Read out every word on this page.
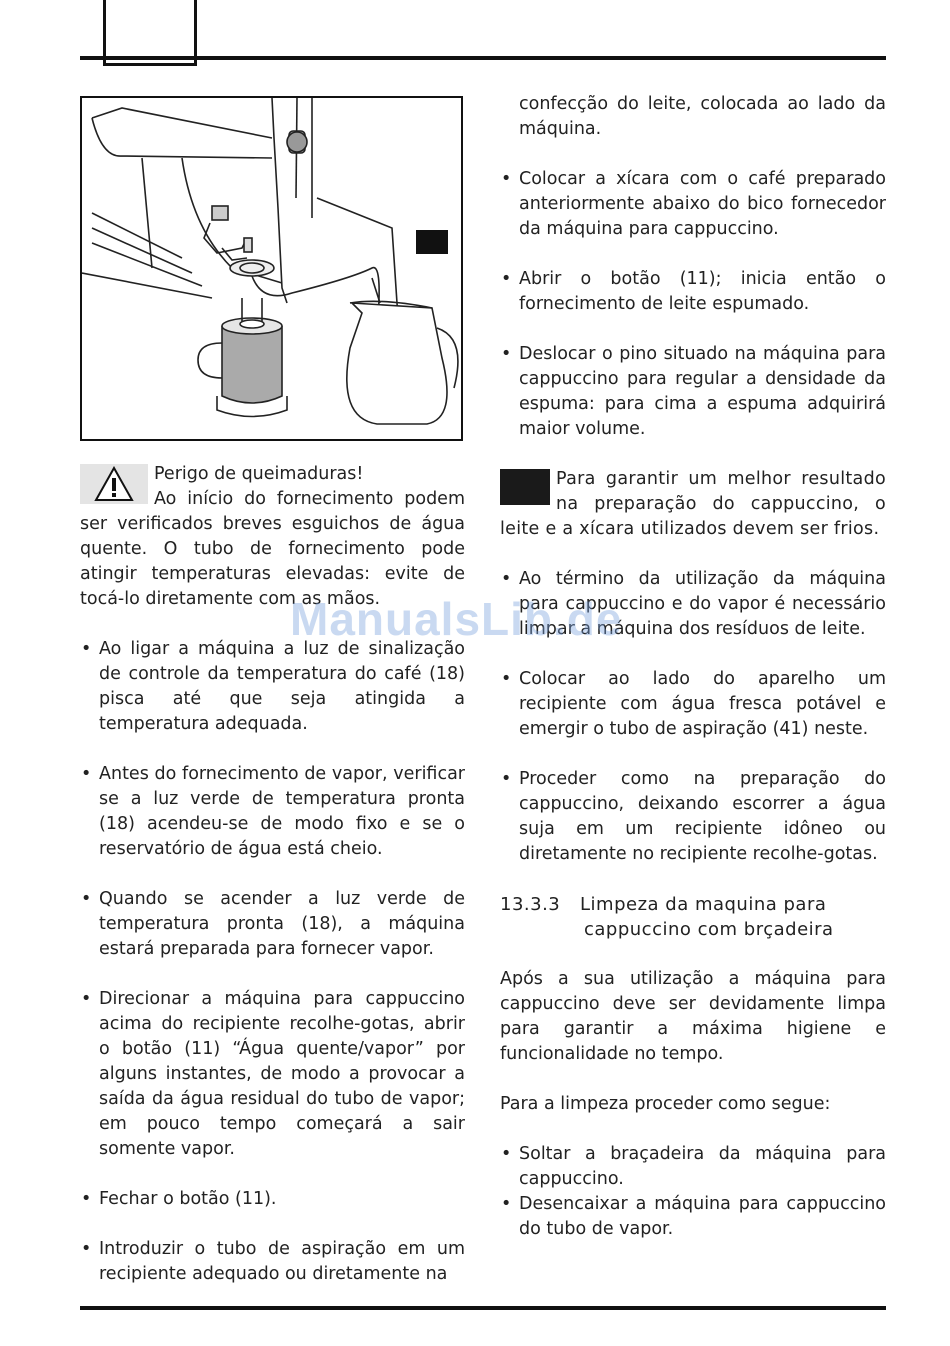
Perigo de queimaduras!
Ao início do fornecimento podem ser verificados breves esguichos de água quente. O tubo de fornecimento pode atingir temperaturas elevadas: evite de tocá-lo diretamente com as mãos.

• Ao ligar a máquina a luz de sinalização de controle da temperatura do café (18) pisca até que seja atingida a temperatura adequada.
• Antes do fornecimento de vapor, verificar se a luz verde de temperatura pronta (18) acendeu-se de modo fixo e se o reservatório de água está cheio.
• Quando se acender a luz verde de temperatura pronta (18), a máquina estará preparada para fornecer vapor.
• Direcionar a máquina para cappuccino acima do recipiente recolhe-gotas, abrir o botão (11) “Água quente/vapor” por alguns instantes, de modo a provocar a saída da água residual do tubo de vapor; em pouco tempo começará a sair somente vapor.
• Fechar o botão (11).
• Introduzir o tubo de aspiração em um recipiente adequado ou diretamente na

confecção do leite, colocada ao lado da máquina.

• Colocar a xícara com o café preparado anteriormente abaixo do bico fornecedor da máquina para cappuccino.
• Abrir o botão (11); inicia então o fornecimento de leite espumado.
• Deslocar o pino situado na máquina para cappuccino para regular a densidade da espuma: para cima a espuma adquirirá maior volume.

Para garantir um melhor resultado na preparação do cappuccino, o leite e a xícara utilizados devem ser frios.

• Ao término da utilização da máquina para cappuccino e do vapor é necessário limpar a máquina dos resíduos de leite.
• Colocar ao lado do aparelho um recipiente com água fresca potável e emergir o tubo de aspiração (41) neste.
• Proceder como na preparação do cappuccino, deixando escorrer a água suja em um recipiente idôneo ou diretamente no recipiente recolhe-gotas.
13.3.3 Limpeza da maquina para
cappuccino com brçadeira

Após a sua utilização a máquina para cappuccino deve ser devidamente limpa para garantir a máxima higiene e funcionalidade no tempo.

Para a limpeza proceder como segue:

• Soltar a braçadeira da máquina para cappuccino.
• Desencaixar a máquina para cappuccino do tubo de vapor.
ManualsLib.de
